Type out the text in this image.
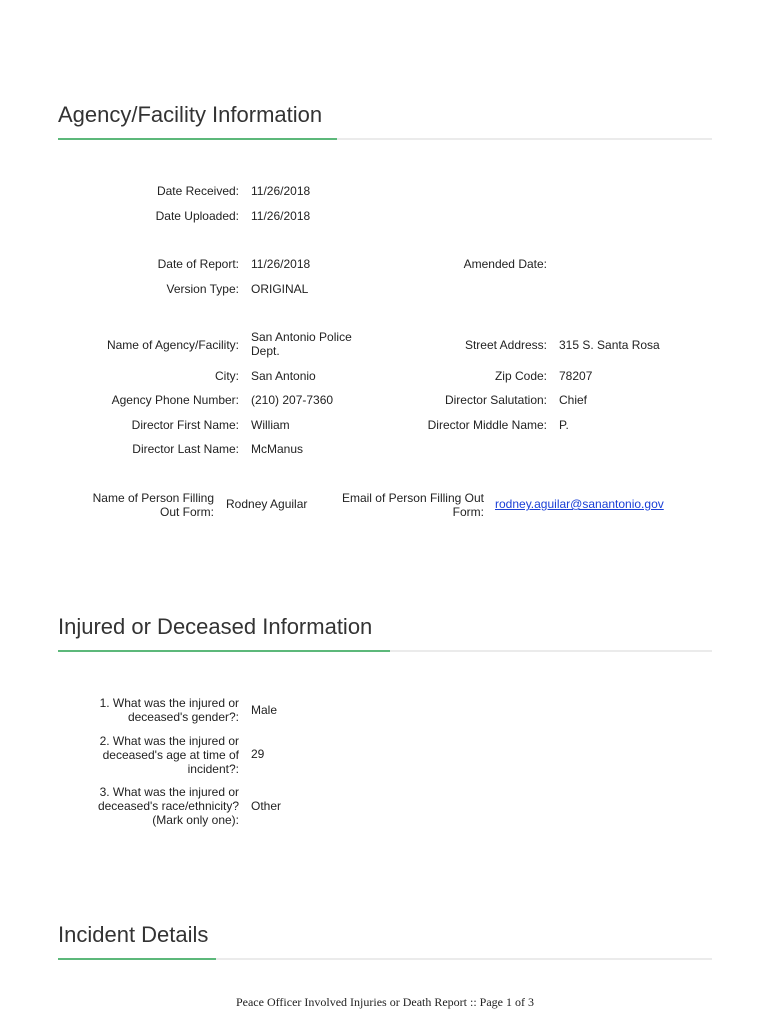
Agency/Facility Information
Date Received: 11/26/2018
Date Uploaded: 11/26/2018
Date of Report: 11/26/2018	Amended Date:
Version Type: ORIGINAL
Name of Agency/Facility:
San Antonio Police
Dept.	Street Address: 315 S. Santa Rosa
City: San Antonio	Zip Code: 78207
Agency Phone Number: (210) 207-7360	Director Salutation: Chief
Director First Name: William	Director Middle Name: P.
Director Last Name: McManus
Name of Person Filling
Out Form:
Rodney Aguilar	Email of Person Filling Out
Form:
rodney.aguilar@sanantonio.gov
Injured or Deceased Information
1. What was the injured or
deceased's gender?: Male
2. What was the injured or
deceased's age at time of
incident?:
29
3. What was the injured or
deceased's race/ethnicity?
(Mark only one):
Other
Incident Details
Peace Officer Involved Injuries or Death Report :: Page 1 of 3
